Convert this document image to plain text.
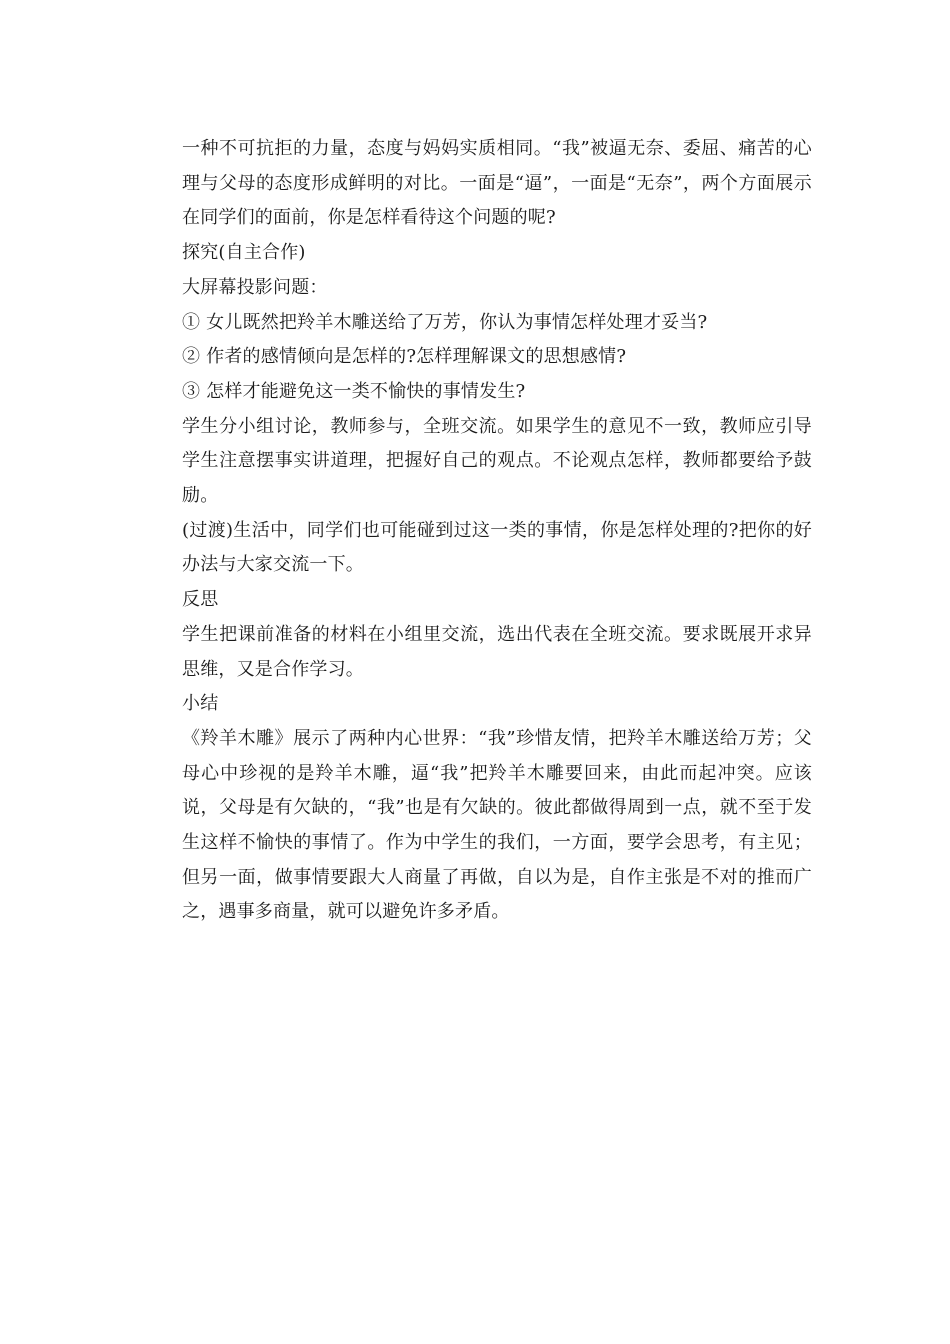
一种不可抗拒的力量，态度与妈妈实质相同。“我”被逼无奈、委屈、痛苦的心理与父母的态度形成鲜明的对比。一面是“逼”，一面是“无奈”，两个方面展示在同学们的面前，你是怎样看待这个问题的呢?

探究(自主合作)

大屏幕投影问题：

① 女儿既然把羚羊木雕送给了万芳，你认为事情怎样处理才妥当?

② 作者的感情倾向是怎样的?怎样理解课文的思想感情?

③ 怎样才能避免这一类不愉快的事情发生?

学生分小组讨论，教师参与，全班交流。如果学生的意见不一致，教师应引导学生注意摆事实讲道理，把握好自己的观点。不论观点怎样，教师都要给予鼓励。

(过渡)生活中，同学们也可能碰到过这一类的事情，你是怎样处理的?把你的好办法与大家交流一下。

反思

学生把课前准备的材料在小组里交流，选出代表在全班交流。要求既展开求异思维，又是合作学习。

小结

《羚羊木雕》展示了两种内心世界：“我”珍惜友情，把羚羊木雕送给万芳；父母心中珍视的是羚羊木雕，逼“我”把羚羊木雕要回来，由此而起冲突。应该说，父母是有欠缺的，“我”也是有欠缺的。彼此都做得周到一点，就不至于发生这样不愉快的事情了。作为中学生的我们，一方面，要学会思考，有主见；但另一面，做事情要跟大人商量了再做，自以为是，自作主张是不对的推而广之，遇事多商量，就可以避免许多矛盾。
